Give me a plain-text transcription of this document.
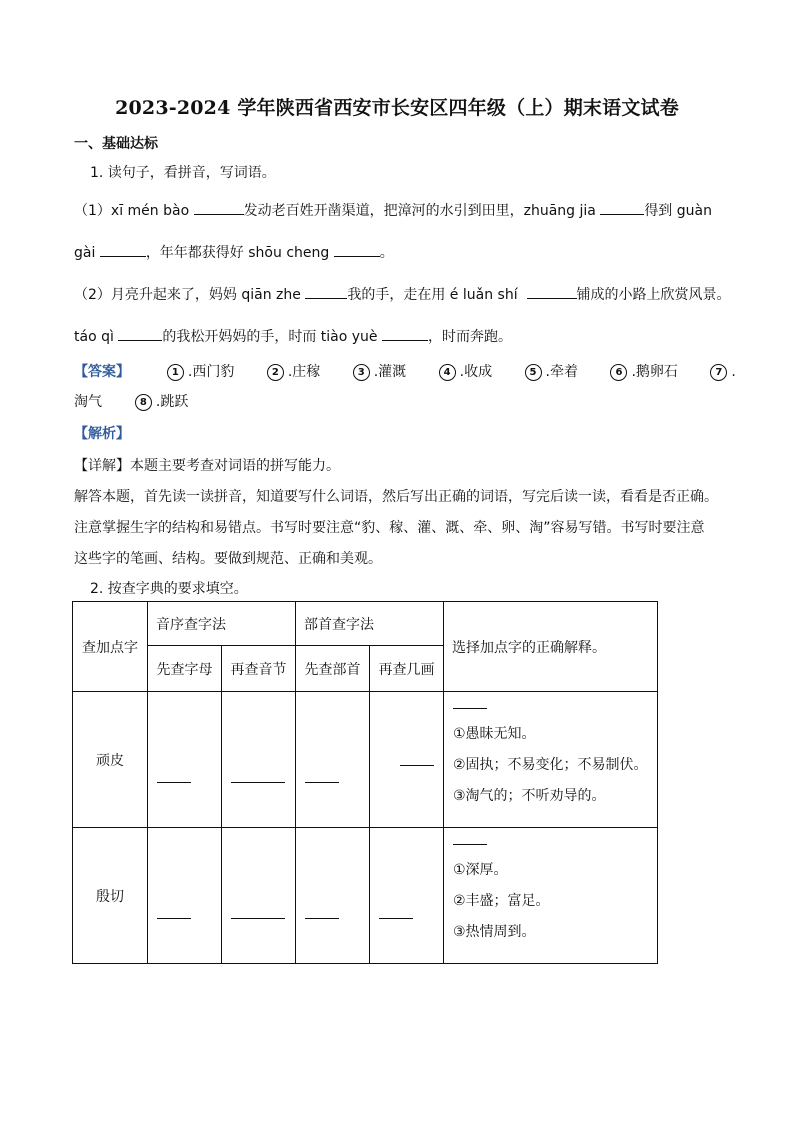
2023-2024 学年陕西省西安市长安区四年级（上）期末语文试卷
一、基础达标
1. 读句子，看拼音，写词语。
（1）xī mén bào	发动老百姓开凿渠道，把漳河的水引到田里，zhuāng jia	得到 guàn
gài	，年年都获得好 shōu cheng	。
（2）月亮升起来了，妈妈 qiān zhe	我的手，走在用 é luǎn shí	铺成的小路上欣赏风景。
táo qì	的我松开妈妈的手，时而 tiào yuè	，时而奔跑。
【答案】	1 .西门豹	2 .庄稼	3 .灌溉	4 .收成	5 .牵着	6 .鹅卵石	7 .
淘气	8 .跳跃
【解析】
【详解】本题主要考查对词语的拼写能力。
解答本题，首先读一读拼音，知道要写什么词语，然后写出正确的词语，写完后读一读，看看是否正确。
注意掌握生字的结构和易错点。书写时要注意“豹、稼、灌、溉、牵、卵、淘”容易写错。书写时要注意
这些字的笔画、结构。要做到规范、正确和美观。
2. 按查字典的要求填空。
查加点字	音序查字法		部首查字法		选择加点字的正确解释。
	先查字母	再查音节	先查部首	再查几画	
顽皮					①愚昧无知。
②固执；不易变化；不易制伏。
③淘气的；不听劝导的。

殷切					①深厚。
②丰盛；富足。
③热情周到。
